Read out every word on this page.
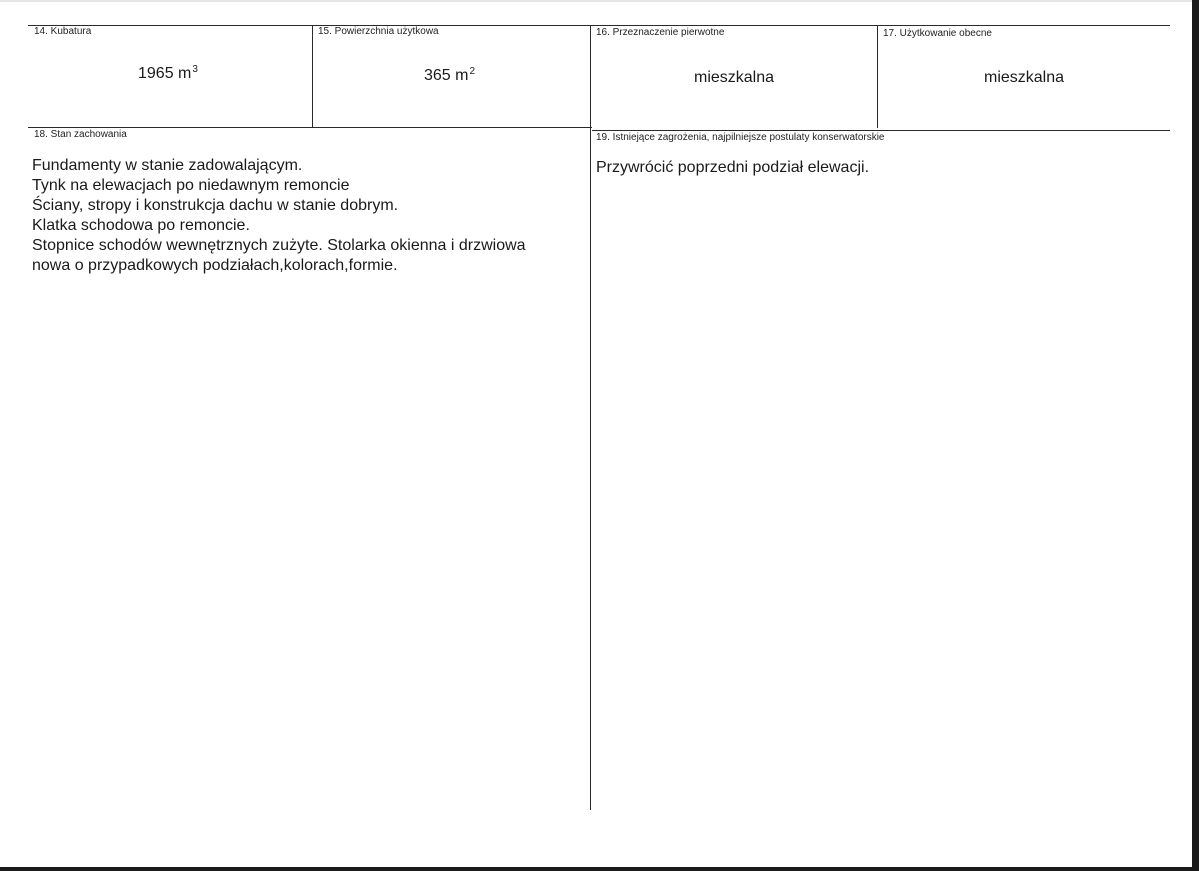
14. Kubatura
1965 $m^3$
15. Powierzchnia użytkowa
365 $m^2$
16. Przeznaczenie pierwotne
mieszkalna
17. Użytkowanie obecne
mieszkalna
18. Stan zachowania
Fundamenty w stanie zadowalającym.
Tynk na elewacjach po niedawnym remoncie
Ściany, stropy i konstrukcja dachu w stanie dobrym.
Klatka schodowa po remoncie.
Stopnice schodów wewnętrznych zużyte. Stolarka okienna i drzwiowa
nowa o przypadkowych podziałach,kolorach,formie.
19. Istniejące zagrożenia, najpilniejsze postulaty konserwatorskie
Przywrócić poprzedni podział elewacji.
